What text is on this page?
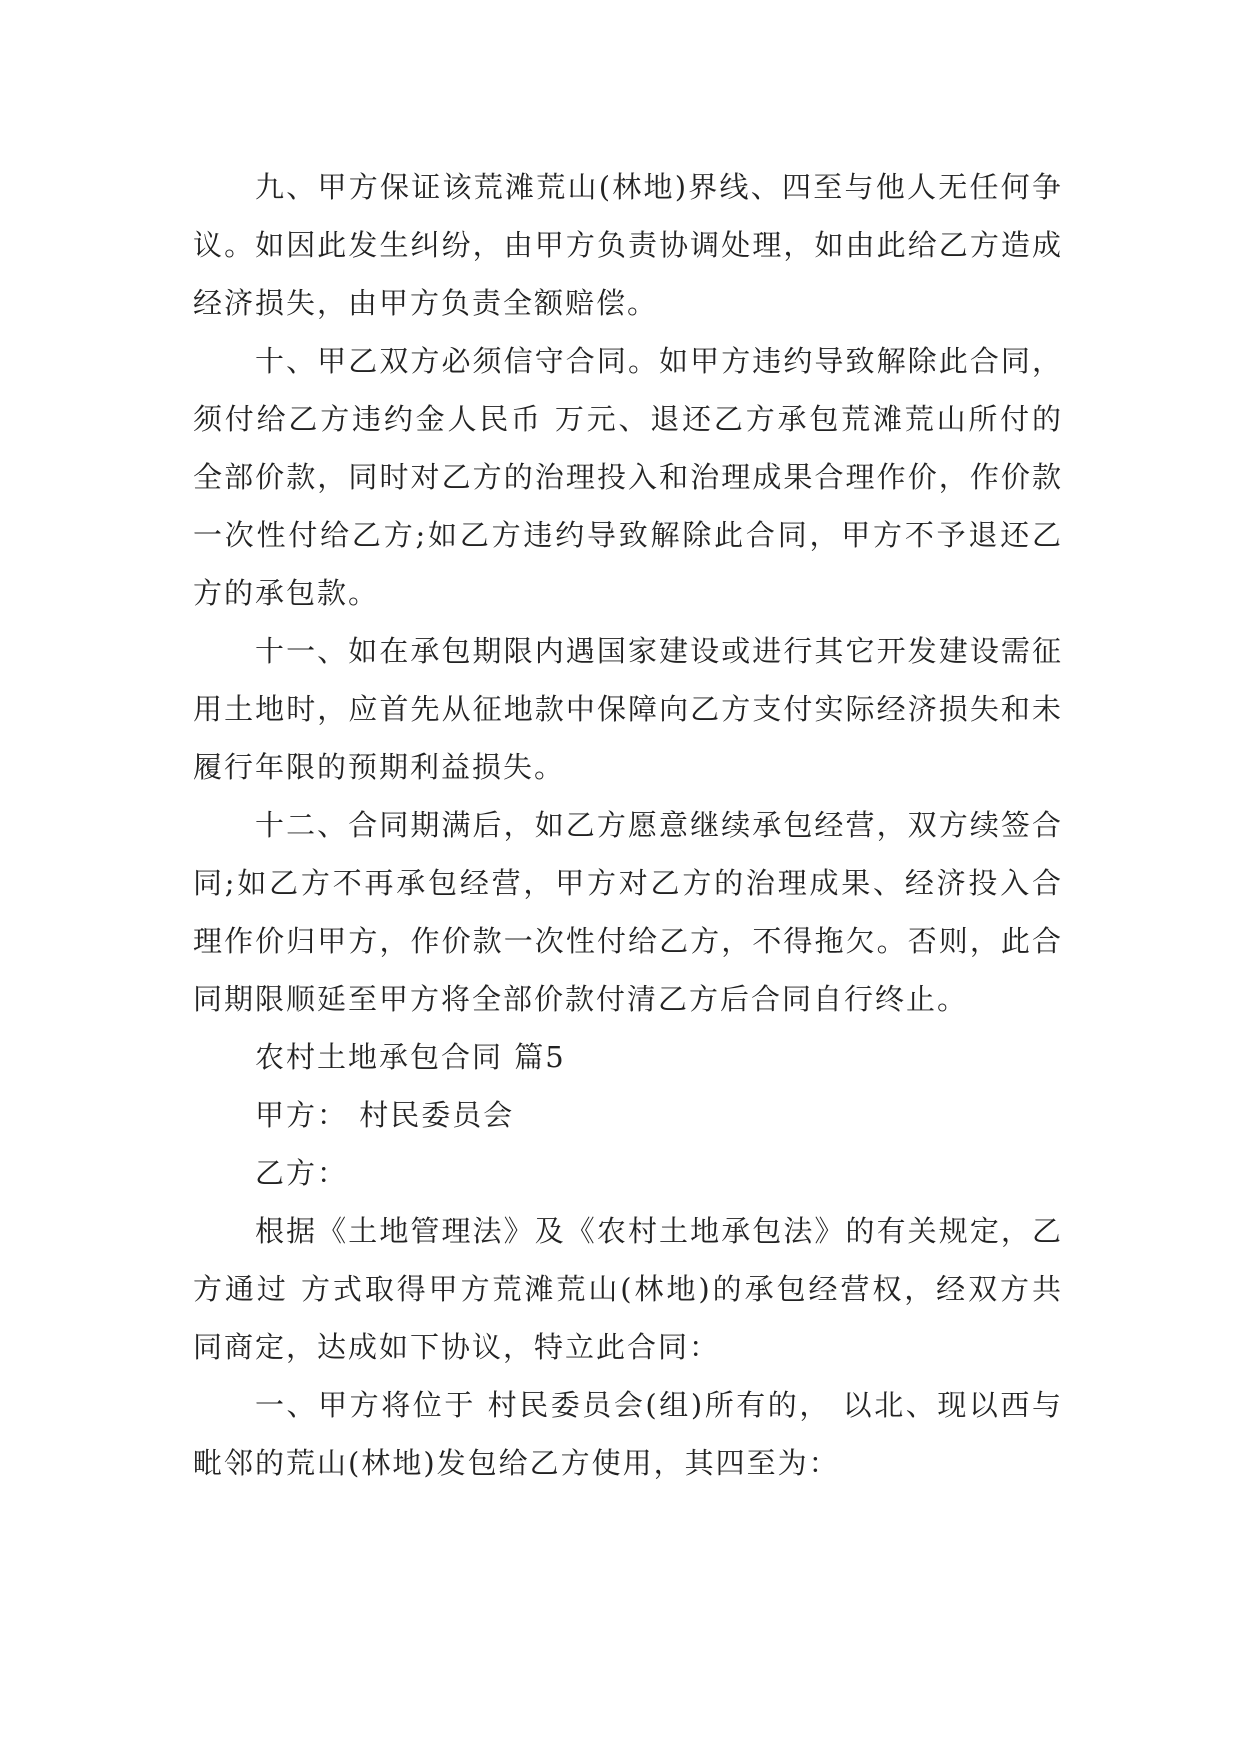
九、甲方保证该荒滩荒山(林地)界线、四至与他人无任何争议。如因此发生纠纷，由甲方负责协调处理，如由此给乙方造成经济损失，由甲方负责全额赔偿。

十、甲乙双方必须信守合同。如甲方违约导致解除此合同，须付给乙方违约金人民币 万元、退还乙方承包荒滩荒山所付的全部价款，同时对乙方的治理投入和治理成果合理作价，作价款一次性付给乙方;如乙方违约导致解除此合同，甲方不予退还乙方的承包款。

十一、如在承包期限内遇国家建设或进行其它开发建设需征用土地时，应首先从征地款中保障向乙方支付实际经济损失和未履行年限的预期利益损失。

十二、合同期满后，如乙方愿意继续承包经营，双方续签合同;如乙方不再承包经营，甲方对乙方的治理成果、经济投入合理作价归甲方，作价款一次性付给乙方，不得拖欠。否则，此合同期限顺延至甲方将全部价款付清乙方后合同自行终止。

农村土地承包合同 篇5

甲方： 村民委员会

乙方：

根据《土地管理法》及《农村土地承包法》的有关规定，乙方通过 方式取得甲方荒滩荒山(林地)的承包经营权，经双方共同商定，达成如下协议，特立此合同：

一、甲方将位于 村民委员会(组)所有的， 以北、现以西与 毗邻的荒山(林地)发包给乙方使用，其四至为：
